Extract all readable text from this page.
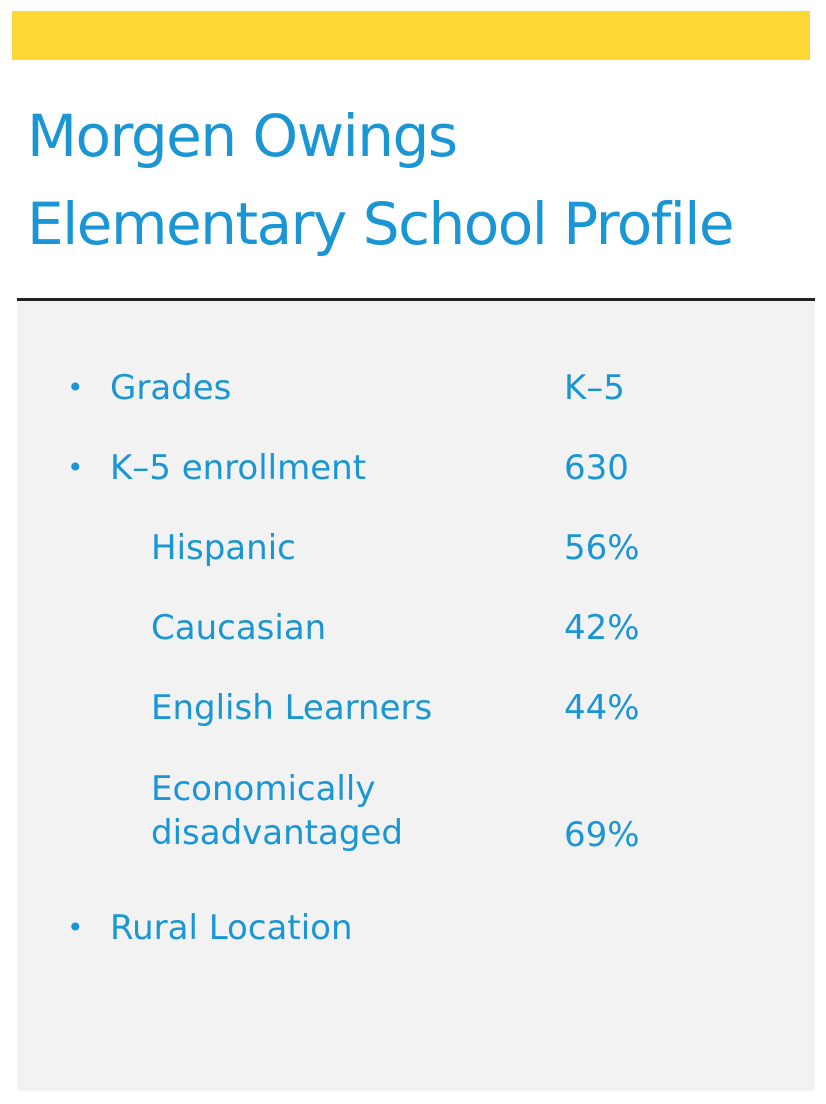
Morgen Owings
Elementary School Profile
• Grades	K–5
• K–5 enrollment	630
Hispanic	56%
Caucasian	42%
English Learners	44%
Economically
disadvantaged	69%
• Rural Location
